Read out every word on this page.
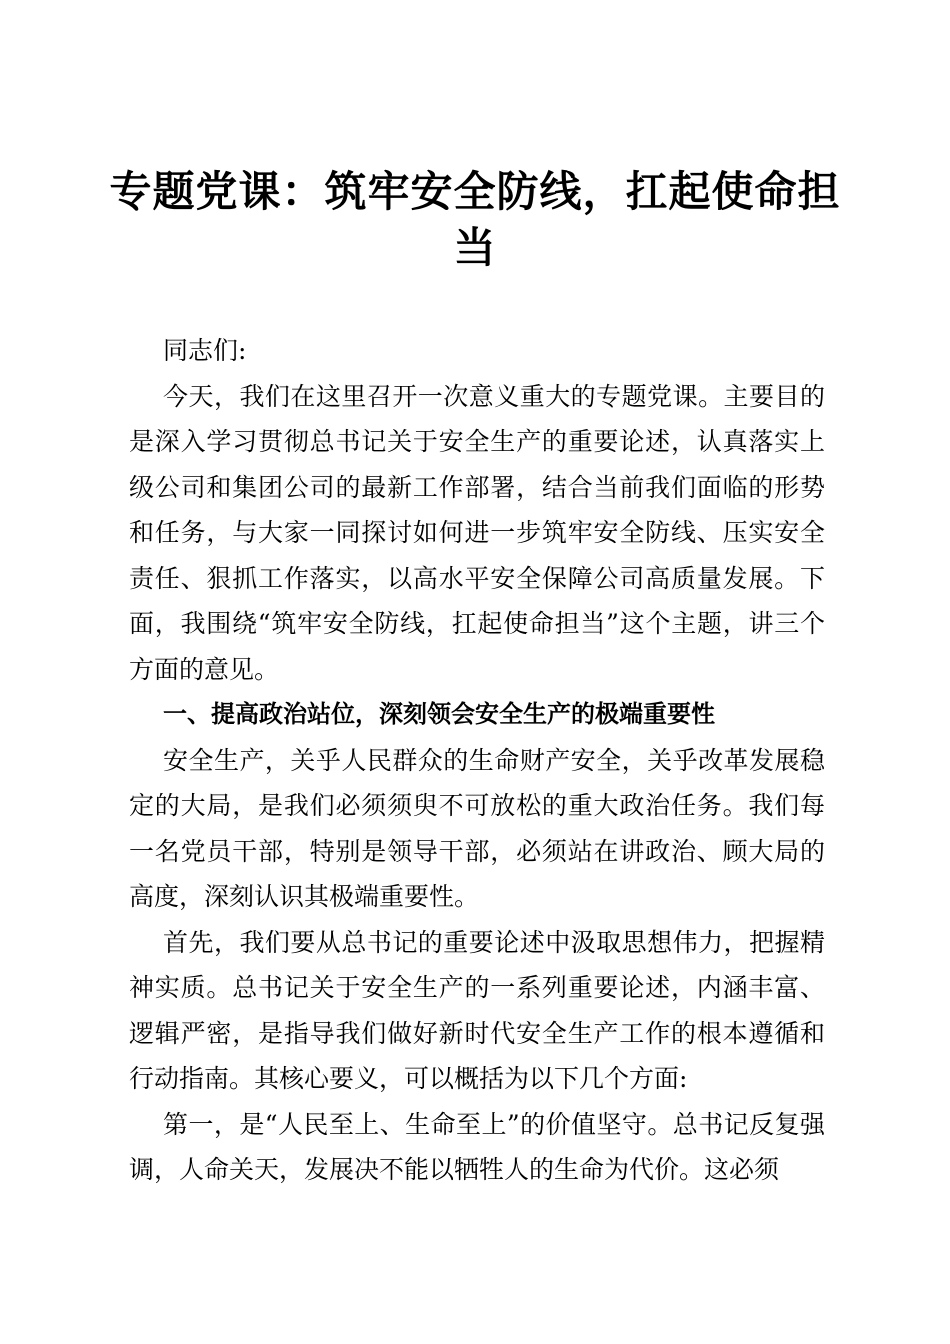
专题党课：筑牢安全防线，扛起使命担当

同志们:

今天，我们在这里召开一次意义重大的专题党课。主要目的是深入学习贯彻总书记关于安全生产的重要论述，认真落实上级公司和集团公司的最新工作部署，结合当前我们面临的形势和任务，与大家一同探讨如何进一步筑牢安全防线、压实安全责任、狠抓工作落实，以高水平安全保障公司高质量发展。下面，我围绕“筑牢安全防线，扛起使命担当”这个主题，讲三个方面的意见。

一、提高政治站位，深刻领会安全生产的极端重要性

安全生产，关乎人民群众的生命财产安全，关乎改革发展稳定的大局，是我们必须须臾不可放松的重大政治任务。我们每一名党员干部，特别是领导干部，必须站在讲政治、顾大局的高度，深刻认识其极端重要性。

首先，我们要从总书记的重要论述中汲取思想伟力，把握精神实质。总书记关于安全生产的一系列重要论述，内涵丰富、逻辑严密，是指导我们做好新时代安全生产工作的根本遵循和行动指南。其核心要义，可以概括为以下几个方面:

第一，是“人民至上、生命至上”的价值坚守。总书记反复强调，人命关天，发展决不能以牺牲人的生命为代价。这必须
